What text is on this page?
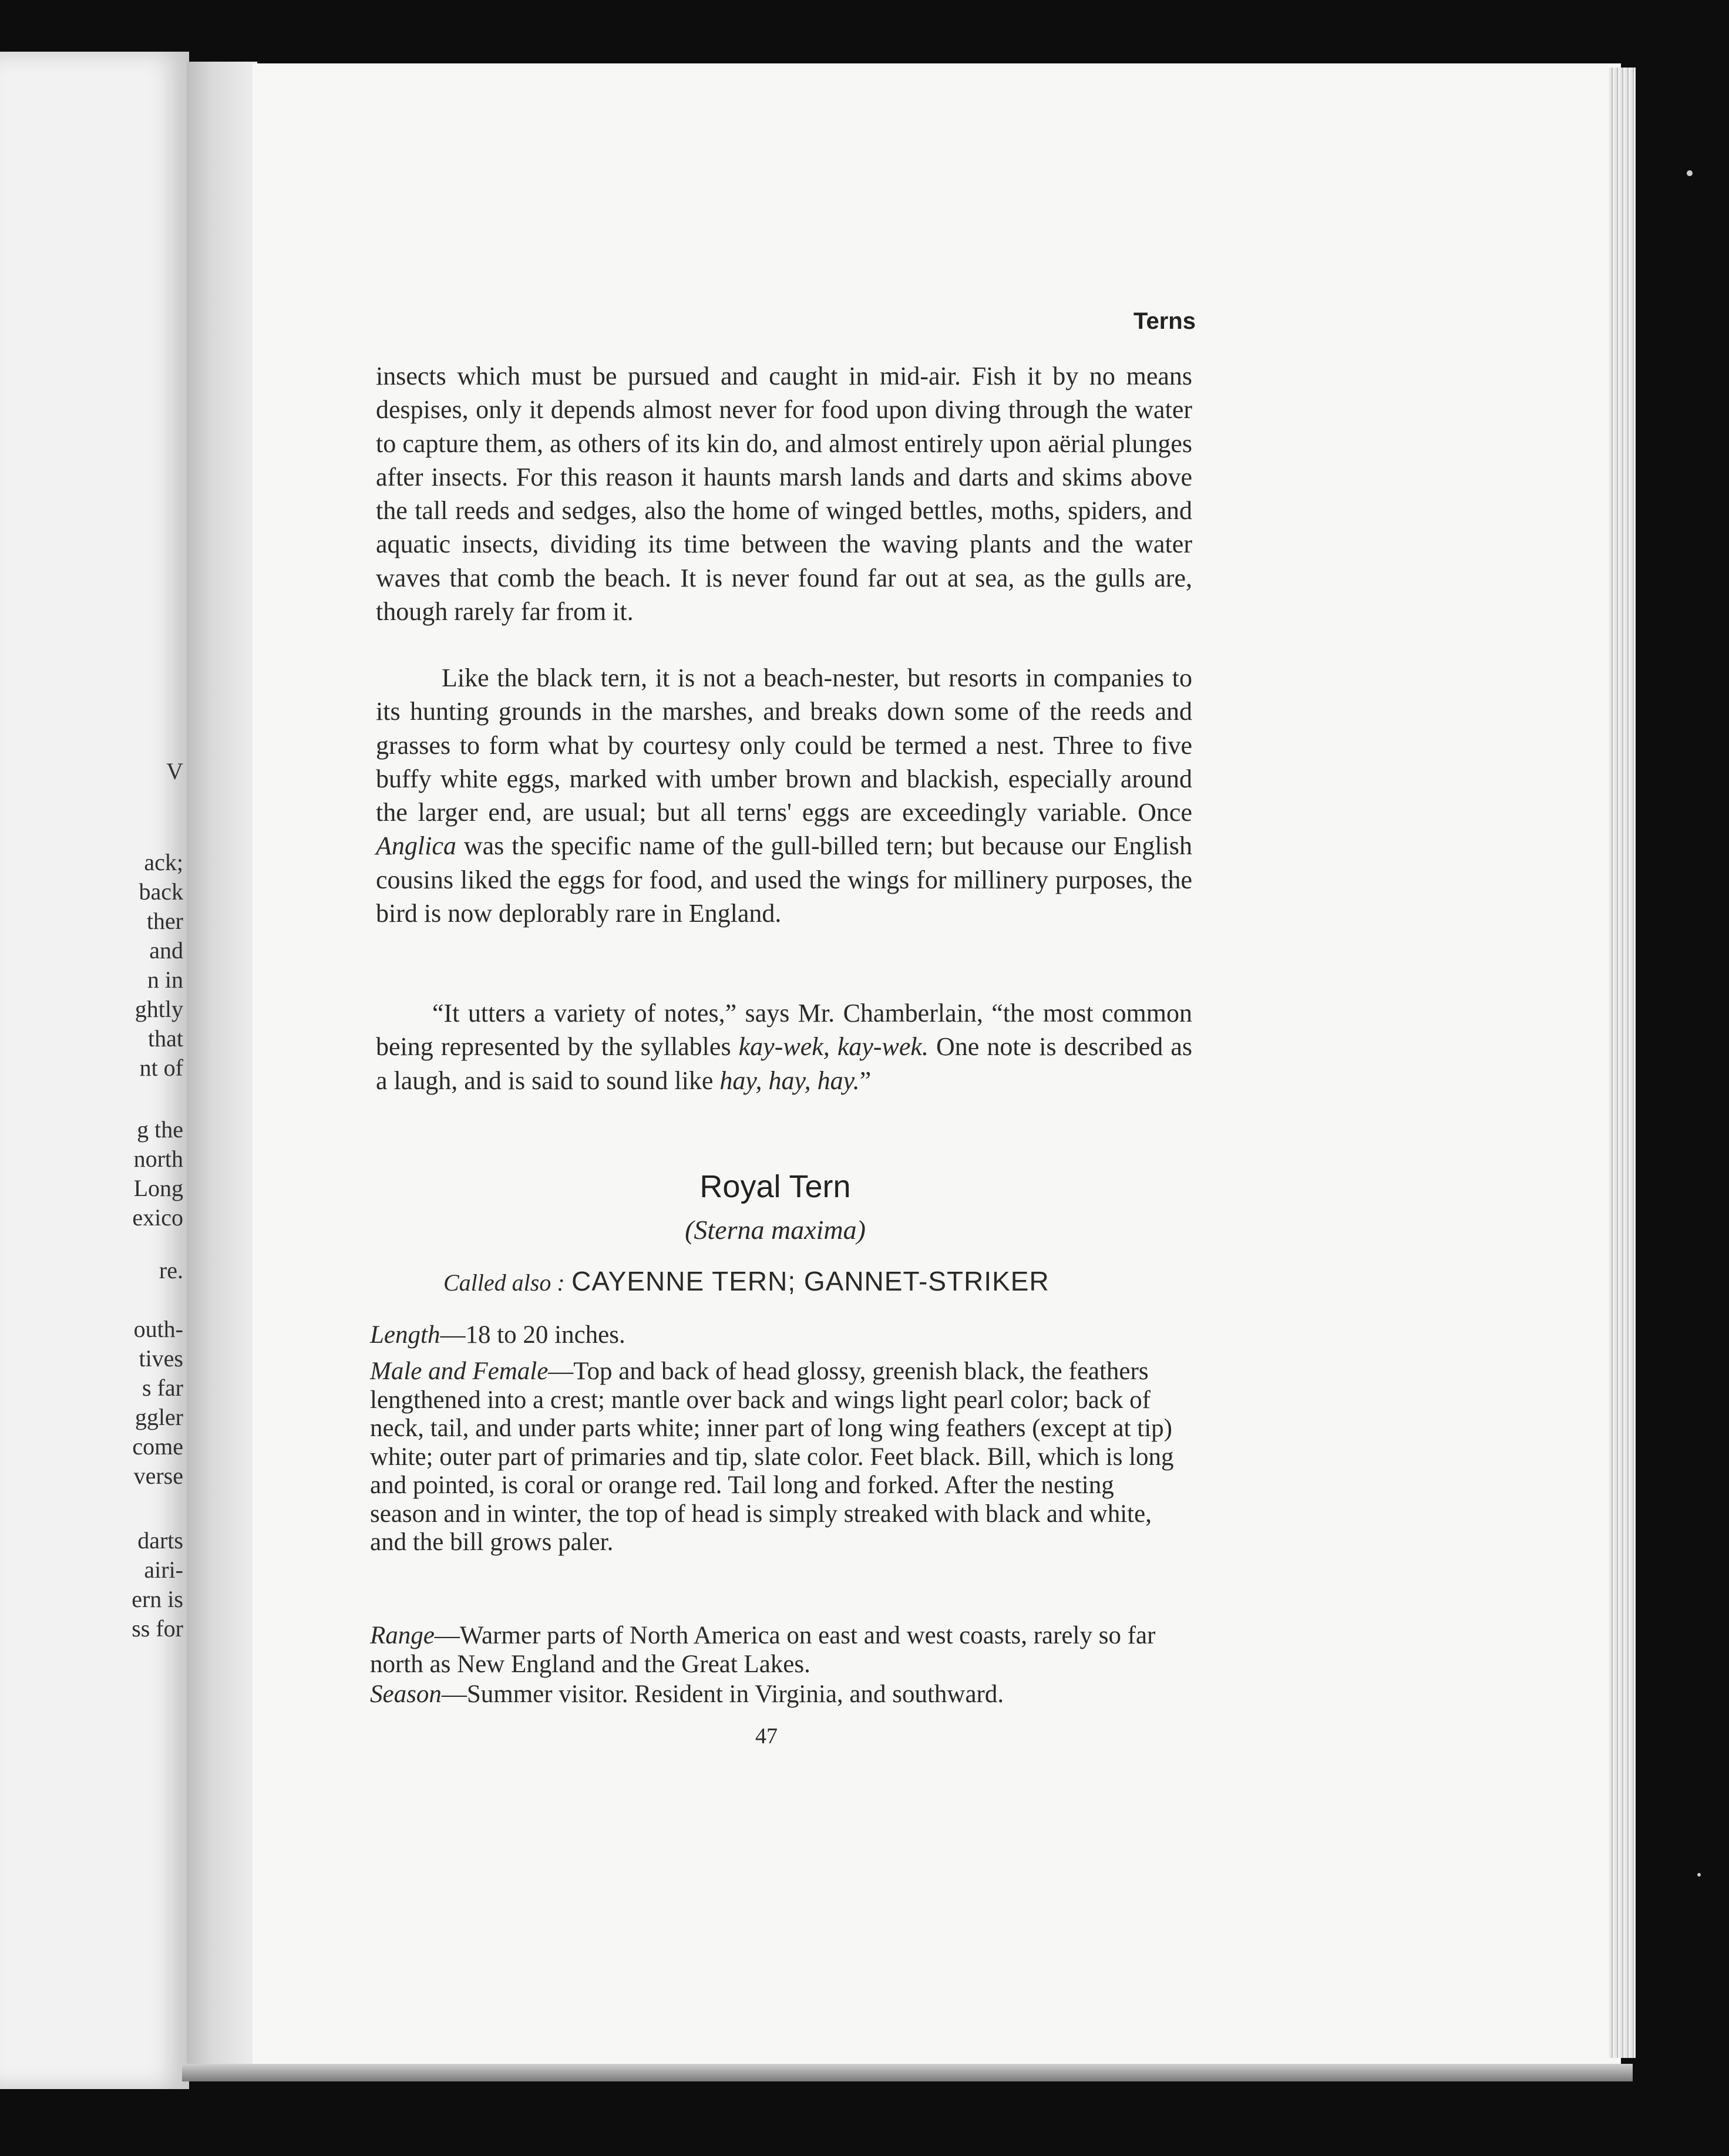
V
ack;
back
ther
and
n in
ghtly
that
nt of
g the
north
Long
exico
re.
outh-
tives
s far
ggler
come
verse
darts
airi-
ern is
ss for
Terns
insects which must be pursued and caught in mid-air. Fish it by no means despises, only it depends almost never for food upon diving through the water to capture them, as others of its kin do, and almost entirely upon aërial plunges after insects. For this reason it haunts marsh lands and darts and skims above the tall reeds and sedges, also the home of winged bettles, moths, spiders, and aquatic insects, dividing its time between the waving plants and the water waves that comb the beach. It is never found far out at sea, as the gulls are, though rarely far from it.
Like the black tern, it is not a beach-nester, but resorts in companies to its hunting grounds in the marshes, and breaks down some of the reeds and grasses to form what by courtesy only could be termed a nest. Three to five buffy white eggs, marked with umber brown and blackish, especially around the larger end, are usual; but all terns' eggs are exceedingly variable. Once Anglica was the specific name of the gull-billed tern; but because our English cousins liked the eggs for food, and used the wings for millinery purposes, the bird is now deplorably rare in England.
“It utters a variety of notes,” says Mr. Chamberlain, “the most common being represented by the syllables kay-wek, kay-wek. One note is described as a laugh, and is said to sound like hay, hay, hay.”
Royal Tern
(Sterna maxima)
Called also : CAYENNE TERN; GANNET-STRIKER
Length—18 to 20 inches.
Male and Female—Top and back of head glossy, greenish black, the feathers lengthened into a crest; mantle over back and wings light pearl color; back of neck, tail, and under parts white; inner part of long wing feathers (except at tip) white; outer part of primaries and tip, slate color. Feet black. Bill, which is long and pointed, is coral or orange red. Tail long and forked. After the nesting season and in winter, the top of head is simply streaked with black and white, and the bill grows paler.
Range—Warmer parts of North America on east and west coasts, rarely so far north as New England and the Great Lakes.
Season—Summer visitor. Resident in Virginia, and southward.
47
